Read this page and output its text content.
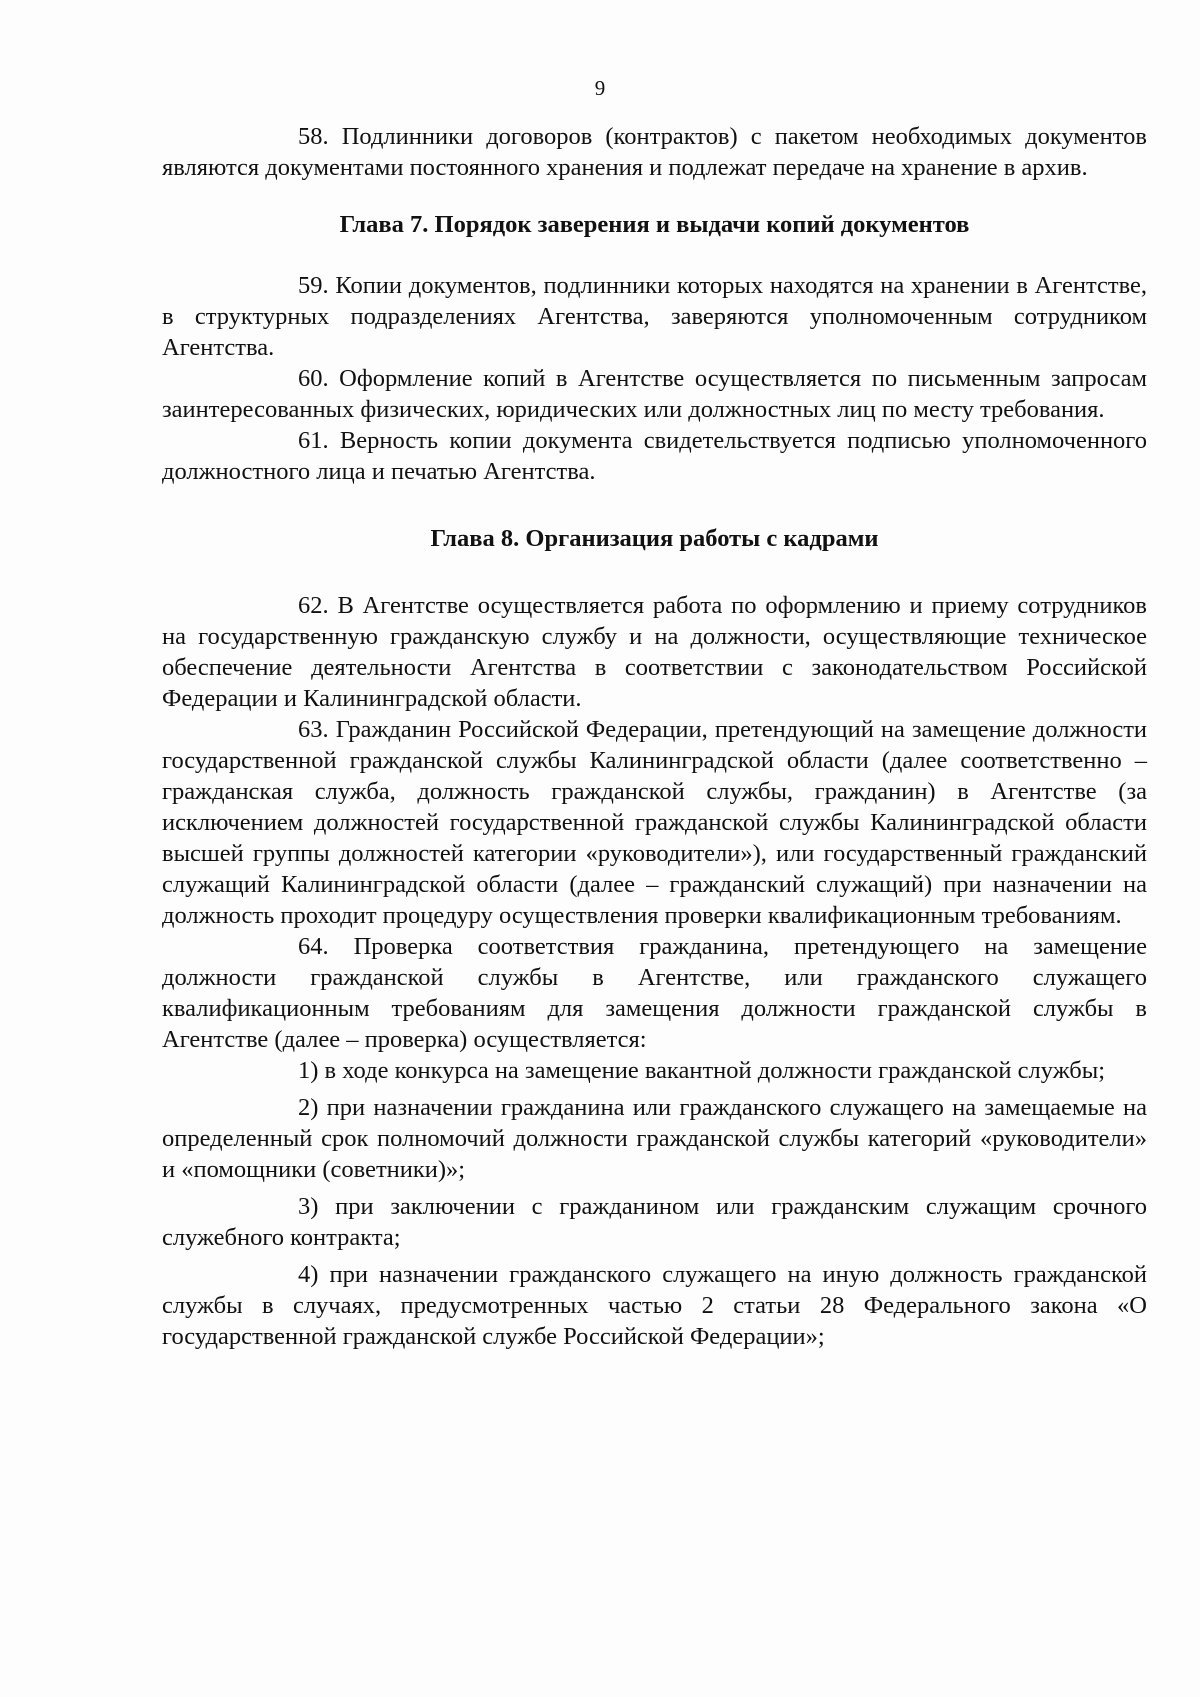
9

58. Подлинники договоров (контрактов) с пакетом необходимых документов являются документами постоянного хранения и подлежат передаче на хранение в архив.

Глава 7. Порядок заверения и выдачи копий документов

59. Копии документов, подлинники которых находятся на хранении в Агентстве, в структурных подразделениях Агентства, заверяются уполномоченным сотрудником Агентства.

60. Оформление копий в Агентстве осуществляется по письменным запросам заинтересованных физических, юридических или должностных лиц по месту требования.

61. Верность копии документа свидетельствуется подписью уполномоченного должностного лица и печатью Агентства.

Глава 8. Организация работы с кадрами

62. В Агентстве осуществляется работа по оформлению и приему сотрудников на государственную гражданскую службу и на должности, осуществляющие техническое обеспечение деятельности Агентства в соответствии с законодательством Российской Федерации и Калининградской области.

63. Гражданин Российской Федерации, претендующий на замещение должности государственной гражданской службы Калининградской области (далее соответственно – гражданская служба, должность гражданской службы, гражданин) в Агентстве (за исключением должностей государственной гражданской службы Калининградской области высшей группы должностей категории «руководители»), или государственный гражданский служащий Калининградской области (далее – гражданский служащий) при назначении на должность проходит процедуру осуществления проверки квалификационным требованиям.

64. Проверка соответствия гражданина, претендующего на замещение должности гражданской службы в Агентстве, или гражданского служащего квалификационным требованиям для замещения должности гражданской службы в Агентстве (далее – проверка) осуществляется:

1) в ходе конкурса на замещение вакантной должности гражданской службы;

2) при назначении гражданина или гражданского служащего на замещаемые на определенный срок полномочий должности гражданской службы категорий «руководители» и «помощники (советники)»;

3) при заключении с гражданином или гражданским служащим срочного служебного контракта;

4) при назначении гражданского служащего на иную должность гражданской службы в случаях, предусмотренных частью 2 статьи 28 Федерального закона «О государственной гражданской службе Российской Федерации»;
